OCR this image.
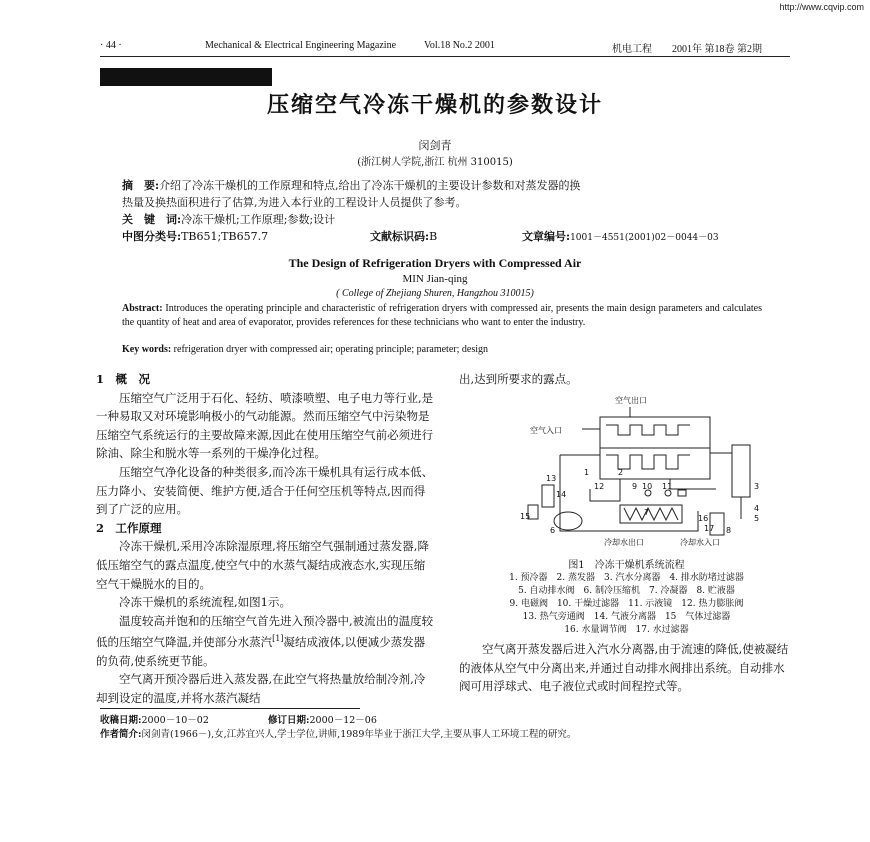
http://www.cqvip.com
· 44 ·	Mechanical & Electrical Engineering Magazine	Vol.18 No.2 2001	机电工程 2001年 第18卷 第2期
压缩空气冷冻干燥机的参数设计
闵剑青
(浙江树人学院,浙江 杭州 310015)
摘　要:介绍了冷冻干燥机的工作原理和特点,给出了冷冻干燥机的主要设计参数和对蒸发器的换
热量及换热面积进行了估算,为进入本行业的工程设计人员提供了参考。
关　键　词:冷冻干燥机;工作原理;参数;设计
中图分类号:TB651;TB657.7	文献标识码:B	文章编号:1001－4551(2001)02－0044－03
The Design of Refrigeration Dryers with Compressed Air
MIN Jian-qing
( College of Zhejiang Shuren, Hangzhou 310015)
Abstract: Introduces the operating principle and characteristic of refrigeration dryers with compressed air, presents the main design parameters and calculates the quantity of heat and area of evaporator, provides references for these technicians who want to enter the industry.
Key words: refrigeration dryer with compressed air; operating principle; parameter; design

1　概　况

压缩空气广泛用于石化、轻纺、喷漆喷塑、电子电力等行业,是一种易取又对环境影响极小的气动能源。然而压缩空气中污染物是压缩空气系统运行的主要故障来源,因此在使用压缩空气前必须进行除油、除尘和脱水等一系列的干燥净化过程。

压缩空气净化设备的种类很多,而冷冻干燥机具有运行成本低、压力降小、安装简便、维护方便,适合于任何空压机等特点,因而得到了广泛的应用。

2　工作原理

冷冻干燥机,采用冷冻除湿原理,将压缩空气强制通过蒸发器,降低压缩空气的露点温度,使空气中的水蒸气凝结成液态水,实现压缩空气干燥脱水的目的。

冷冻干燥机的系统流程,如图1示。

温度较高并饱和的压缩空气首先进入预冷器中,被流出的温度较低的压缩空气降温,并使部分水蒸汽[1]凝结成液体,以便减少蒸发器的负荷,使系统更节能。

空气离开预冷器后进入蒸发器,在此空气将热量放给制冷剂,冷却到设定的温度,并将水蒸汽凝结

出,达到所要求的露点。
空气出口
空气入口
冷却水出口	冷却水入口
1	2
3
4
5
6
7
8
9 10 11
12
13
14
15	16
17
图1　冷冻干燥机系统流程
1. 预冷器　2. 蒸发器　3. 汽水分离器　4. 排水防堵过滤器
5. 自动排水阀　6. 制冷压缩机　7. 冷凝器　8. 贮液器
9. 电磁阀　10. 干燥过滤器　11. 示液镜　12. 热力膨胀阀
13. 热气旁通阀　14. 气液分离器　15　气体过滤器
16. 水量调节阀　17. 水过滤器
空气离开蒸发器后进入汽水分离器,由于流速的降低,使被凝结的液体从空气中分离出来,并通过自动排水阀排出系统。自动排水阀可用浮球式、电子液位式或时间程控式等。
收稿日期:2000－10－02	修订日期:2000－12－06
作者简介:闵剑青(1966－),女,江苏宜兴人,学士学位,讲师,1989年毕业于浙江大学,主要从事人工环境工程的研究。
